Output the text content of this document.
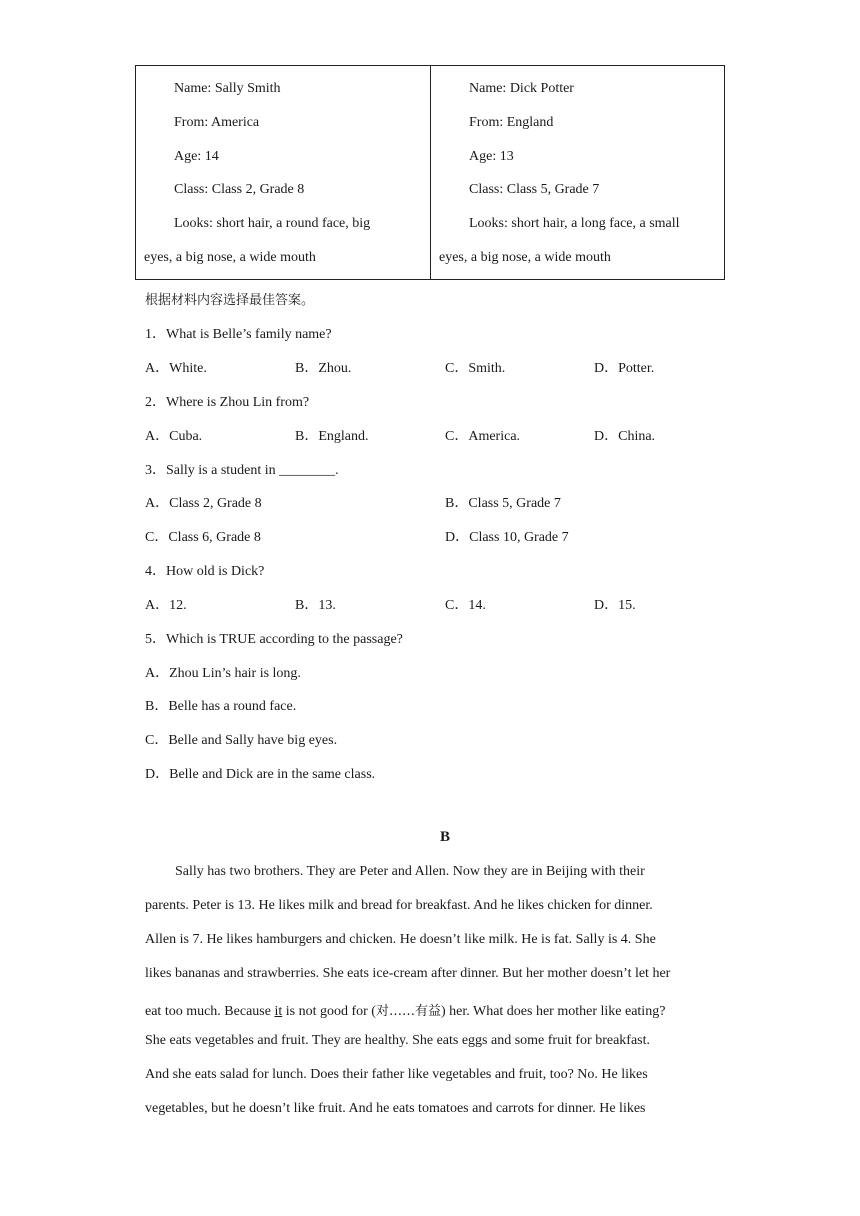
Name: Sally Smith
From: America
Age: 14
Class: Class 2, Grade 8
Looks: short hair, a round face, big
eyes, a big nose, a wide mouth
Name: Dick Potter
From: England
Age: 13
Class: Class 5, Grade 7
Looks: short hair, a long face, a small
eyes, a big nose, a wide mouth
根据材料内容选择最佳答案。
1．What is Belle’s family name?
A．White.	B．Zhou.	C．Smith.	D．Potter.
2．Where is Zhou Lin from?
A．Cuba.	B．England.	C．America.	D．China.
3．Sally is a student in ________.
A．Class 2, Grade 8	B．Class 5, Grade 7
C．Class 6, Grade 8	D．Class 10, Grade 7
4．How old is Dick?
A．12.	B．13.	C．14.	D．15.
5．Which is TRUE according to the passage?
A．Zhou Lin’s hair is long.
B．Belle has a round face.
C．Belle and Sally have big eyes.
D．Belle and Dick are in the same class.
B
Sally has two brothers. They are Peter and Allen. Now they are in Beijing with their
parents. Peter is 13. He likes milk and bread for breakfast. And he likes chicken for dinner.
Allen is 7. He likes hamburgers and chicken. He doesn’t like milk. He is fat. Sally is 4. She
likes bananas and strawberries. She eats ice-cream after dinner. But her mother doesn’t let her
eat too much. Because it is not good for (对……有益) her. What does her mother like eating?
She eats vegetables and fruit. They are healthy. She eats eggs and some fruit for breakfast.
And she eats salad for lunch. Does their father like vegetables and fruit, too? No. He likes
vegetables, but he doesn’t like fruit. And he eats tomatoes and carrots for dinner. He likes
